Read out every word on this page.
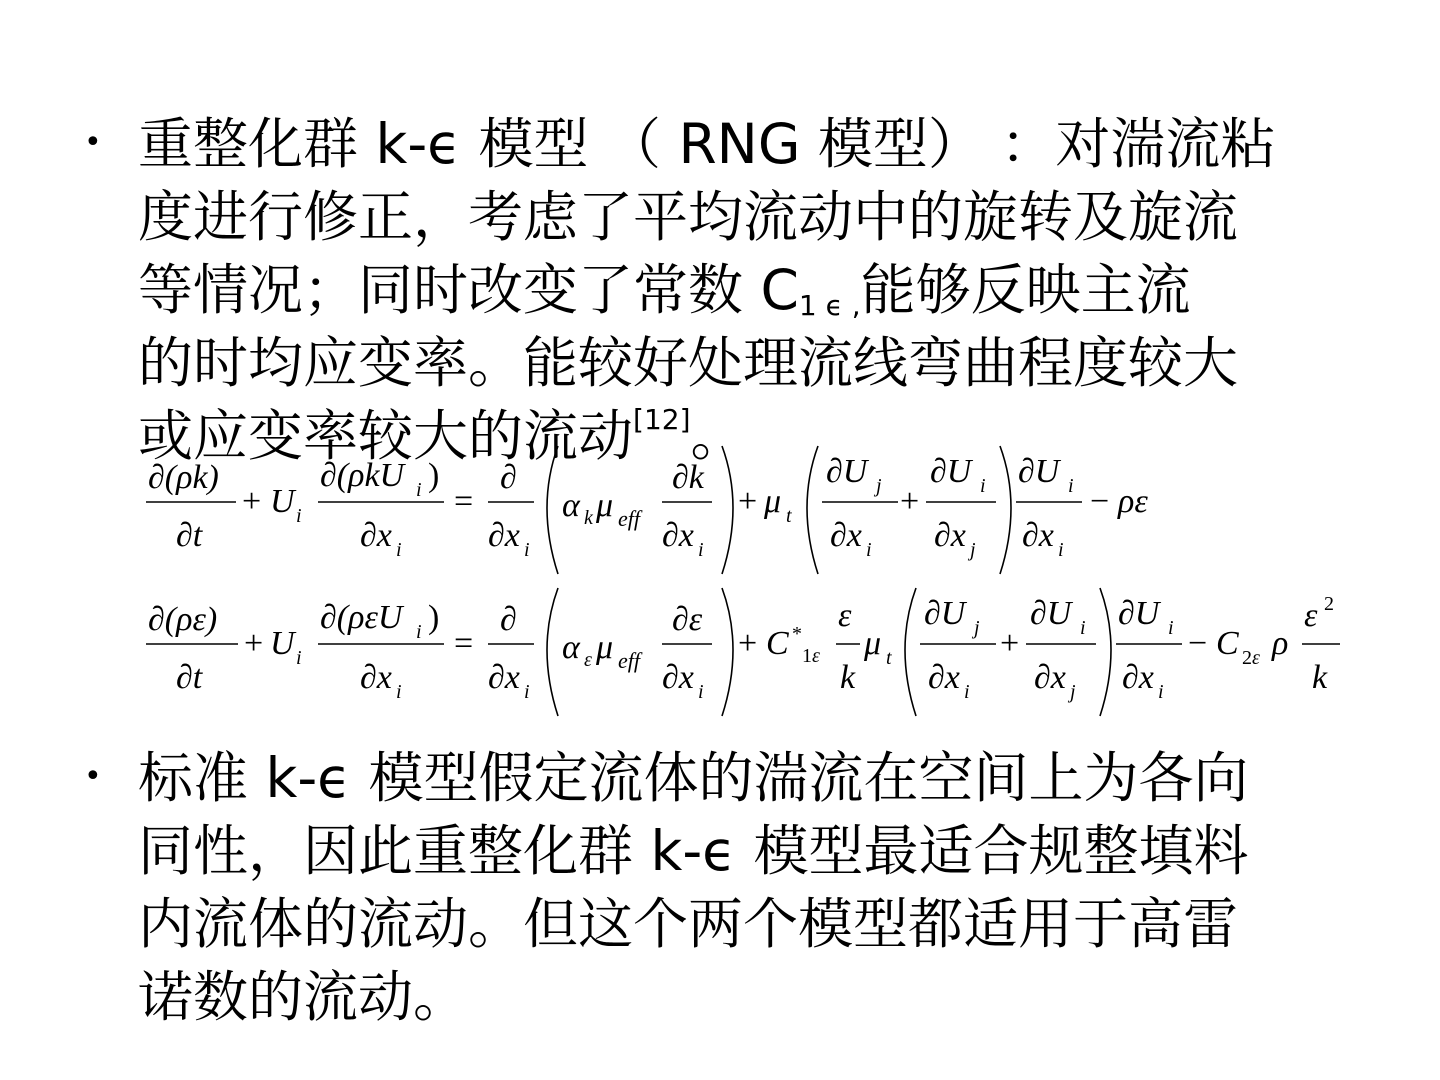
• 重整化群 k-ϵ 模型 （ RNG 模型） ：对湍流粘
度进行修正，考虑了平均流动中的旋转及旋流
等情况；同时改变了常数 $C_{1 \epsilon ,}$能够反映主流
的时均应变率。能较好处理流线弯曲程度较大
或应变率较大的流动[12]。
∂(ρk)
∂t
+ U i
∂(ρkU i )
∂x i
=
∂
∂x i
α k μ eff
∂k
∂x i
+ μ t
∂U j
∂x i
+
∂U i
∂x j
∂U i
∂x i
− ρε
∂(ρε)
∂t
+ U i
∂(ρεU i )
∂x i
=
∂
∂x i
α ε μ eff
∂ε
∂x i
+ C *
1 ε
ε
k
μ t
∂U j
∂x i
+
∂U i
∂x j
∂U i
∂x i
− C 2 ε ρ
ε 2
k
• 标准 k-ϵ 模型假定流体的湍流在空间上为各向
同性，因此重整化群 k-ϵ 模型最适合规整填料
内流体的流动。但这个两个模型都适用于高雷
诺数的流动。
